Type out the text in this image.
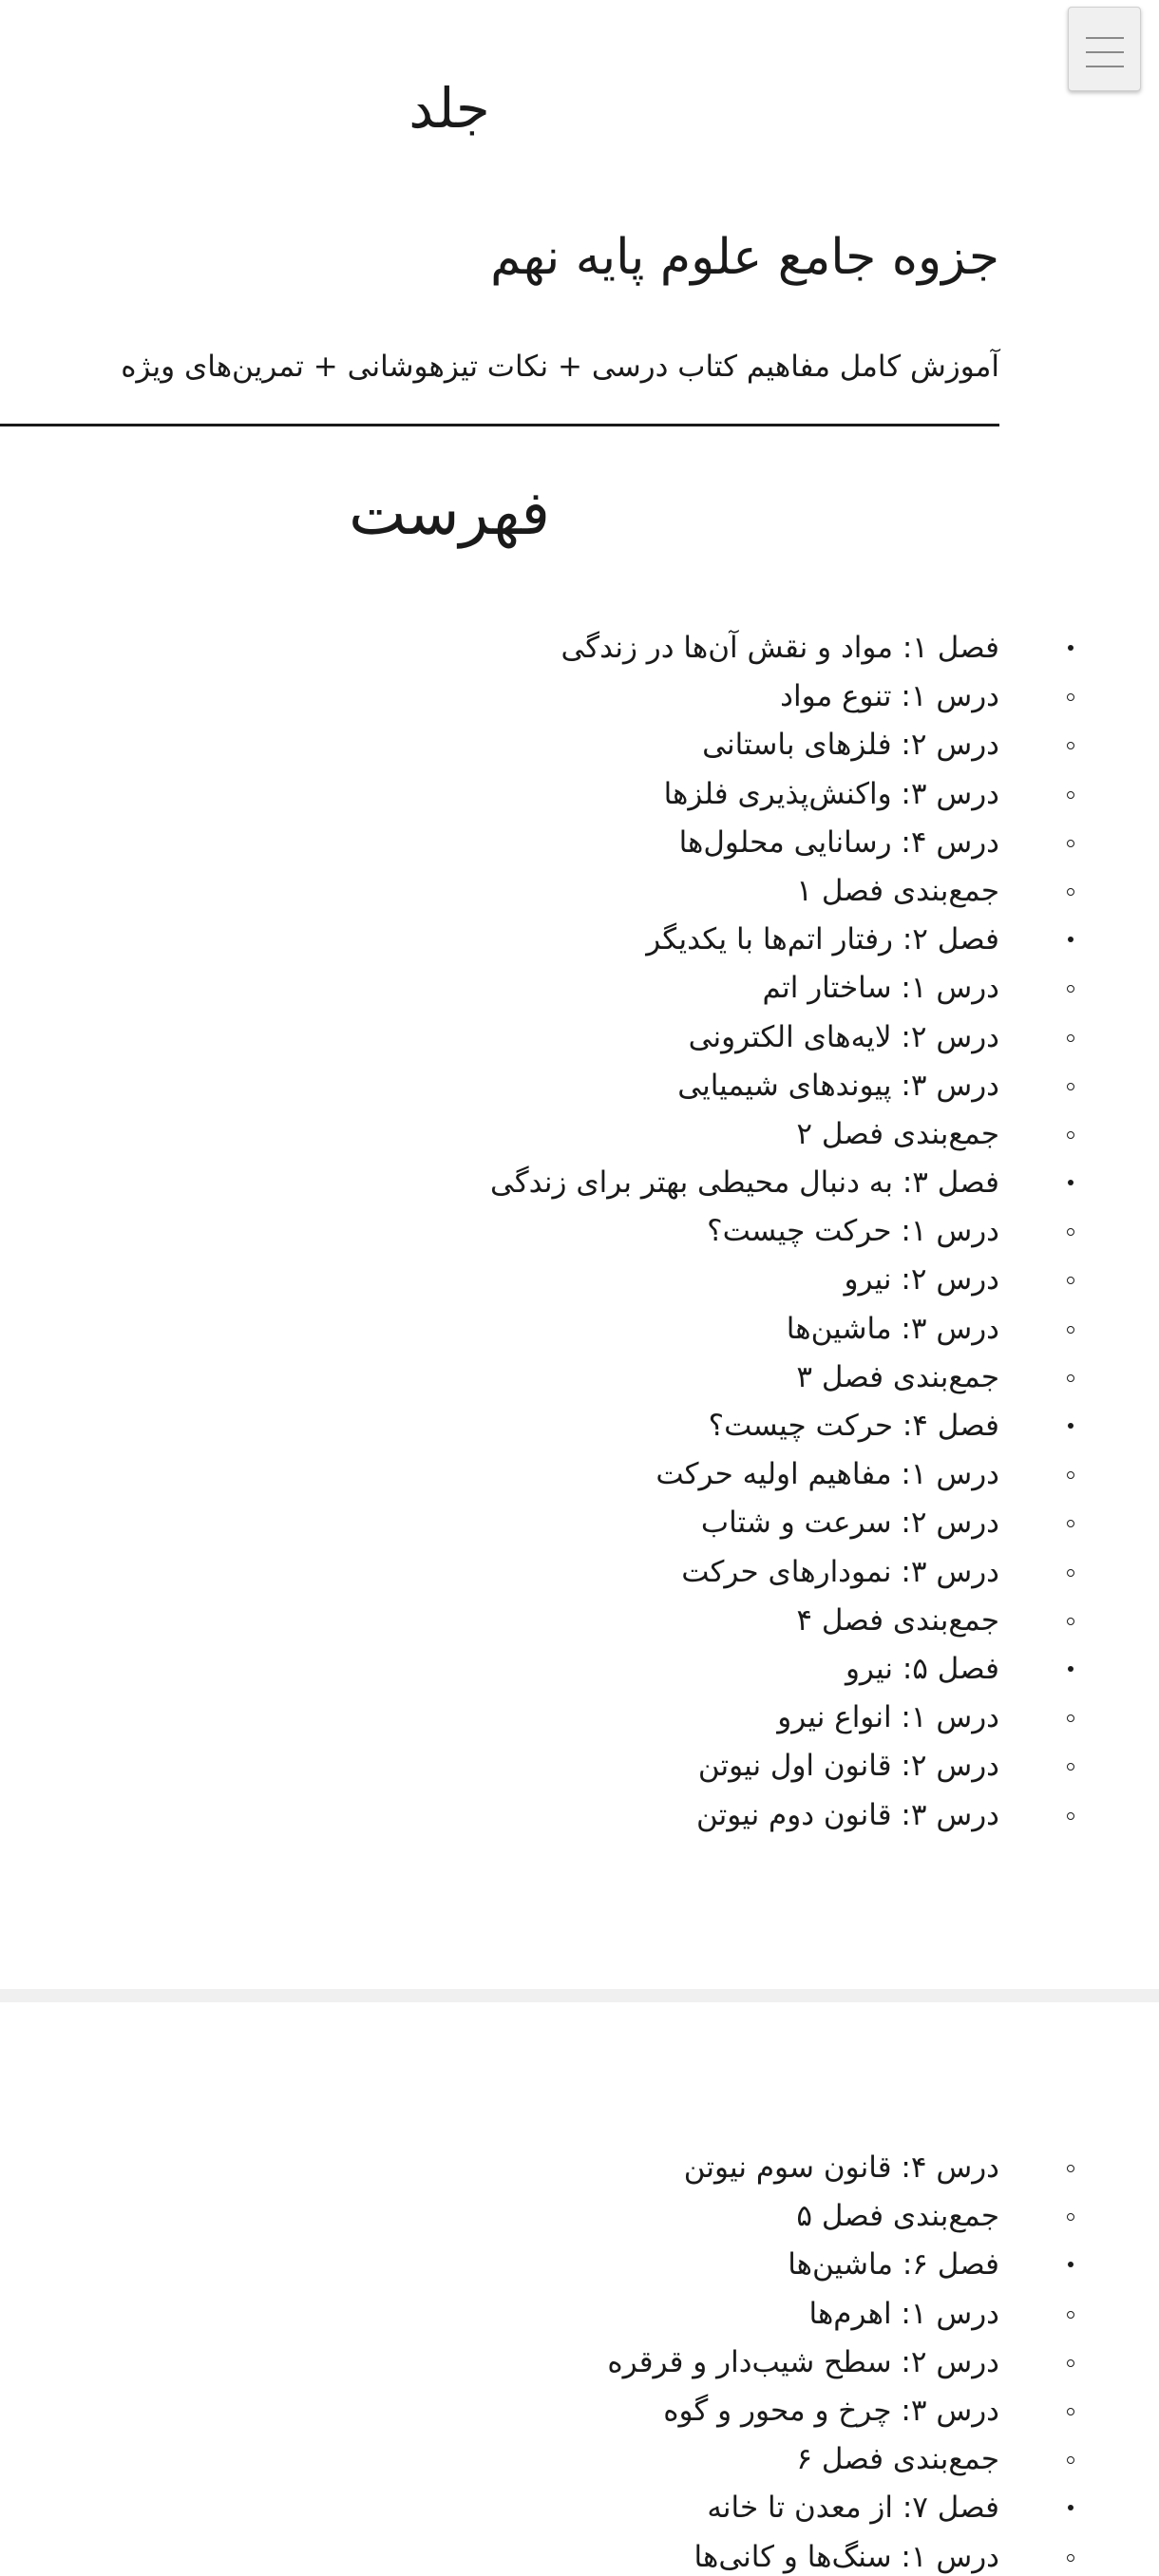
جلد
جزوه جامع علوم پایه نهم

آموزش کامل مفاهیم کتاب درسی + نکات تیزهوشانی + تمرین‌های ویژه

فهرست
فصل ۱: مواد و نقش آن‌ها در زندگی
درس ۱: تنوع مواد
درس ۲: فلزهای باستانی
درس ۳: واکنش‌پذیری فلزها
درس ۴: رسانایی محلول‌ها
جمع‌بندی فصل ۱
فصل ۲: رفتار اتم‌ها با یکدیگر
درس ۱: ساختار اتم
درس ۲: لایه‌های الکترونی
درس ۳: پیوندهای شیمیایی
جمع‌بندی فصل ۲
فصل ۳: به دنبال محیطی بهتر برای زندگی
درس ۱: حرکت چیست؟
درس ۲: نیرو
درس ۳: ماشین‌ها
جمع‌بندی فصل ۳
فصل ۴: حرکت چیست؟
درس ۱: مفاهیم اولیه حرکت
درس ۲: سرعت و شتاب
درس ۳: نمودارهای حرکت
جمع‌بندی فصل ۴
فصل ۵: نیرو
درس ۱: انواع نیرو
درس ۲: قانون اول نیوتن
درس ۳: قانون دوم نیوتن
درس ۴: قانون سوم نیوتن
جمع‌بندی فصل ۵
فصل ۶: ماشین‌ها
درس ۱: اهرم‌ها
درس ۲: سطح شیب‌دار و قرقره
درس ۳: چرخ و محور و گوه
جمع‌بندی فصل ۶
فصل ۷: از معدن تا خانه
درس ۱: سنگ‌ها و کانی‌ها
